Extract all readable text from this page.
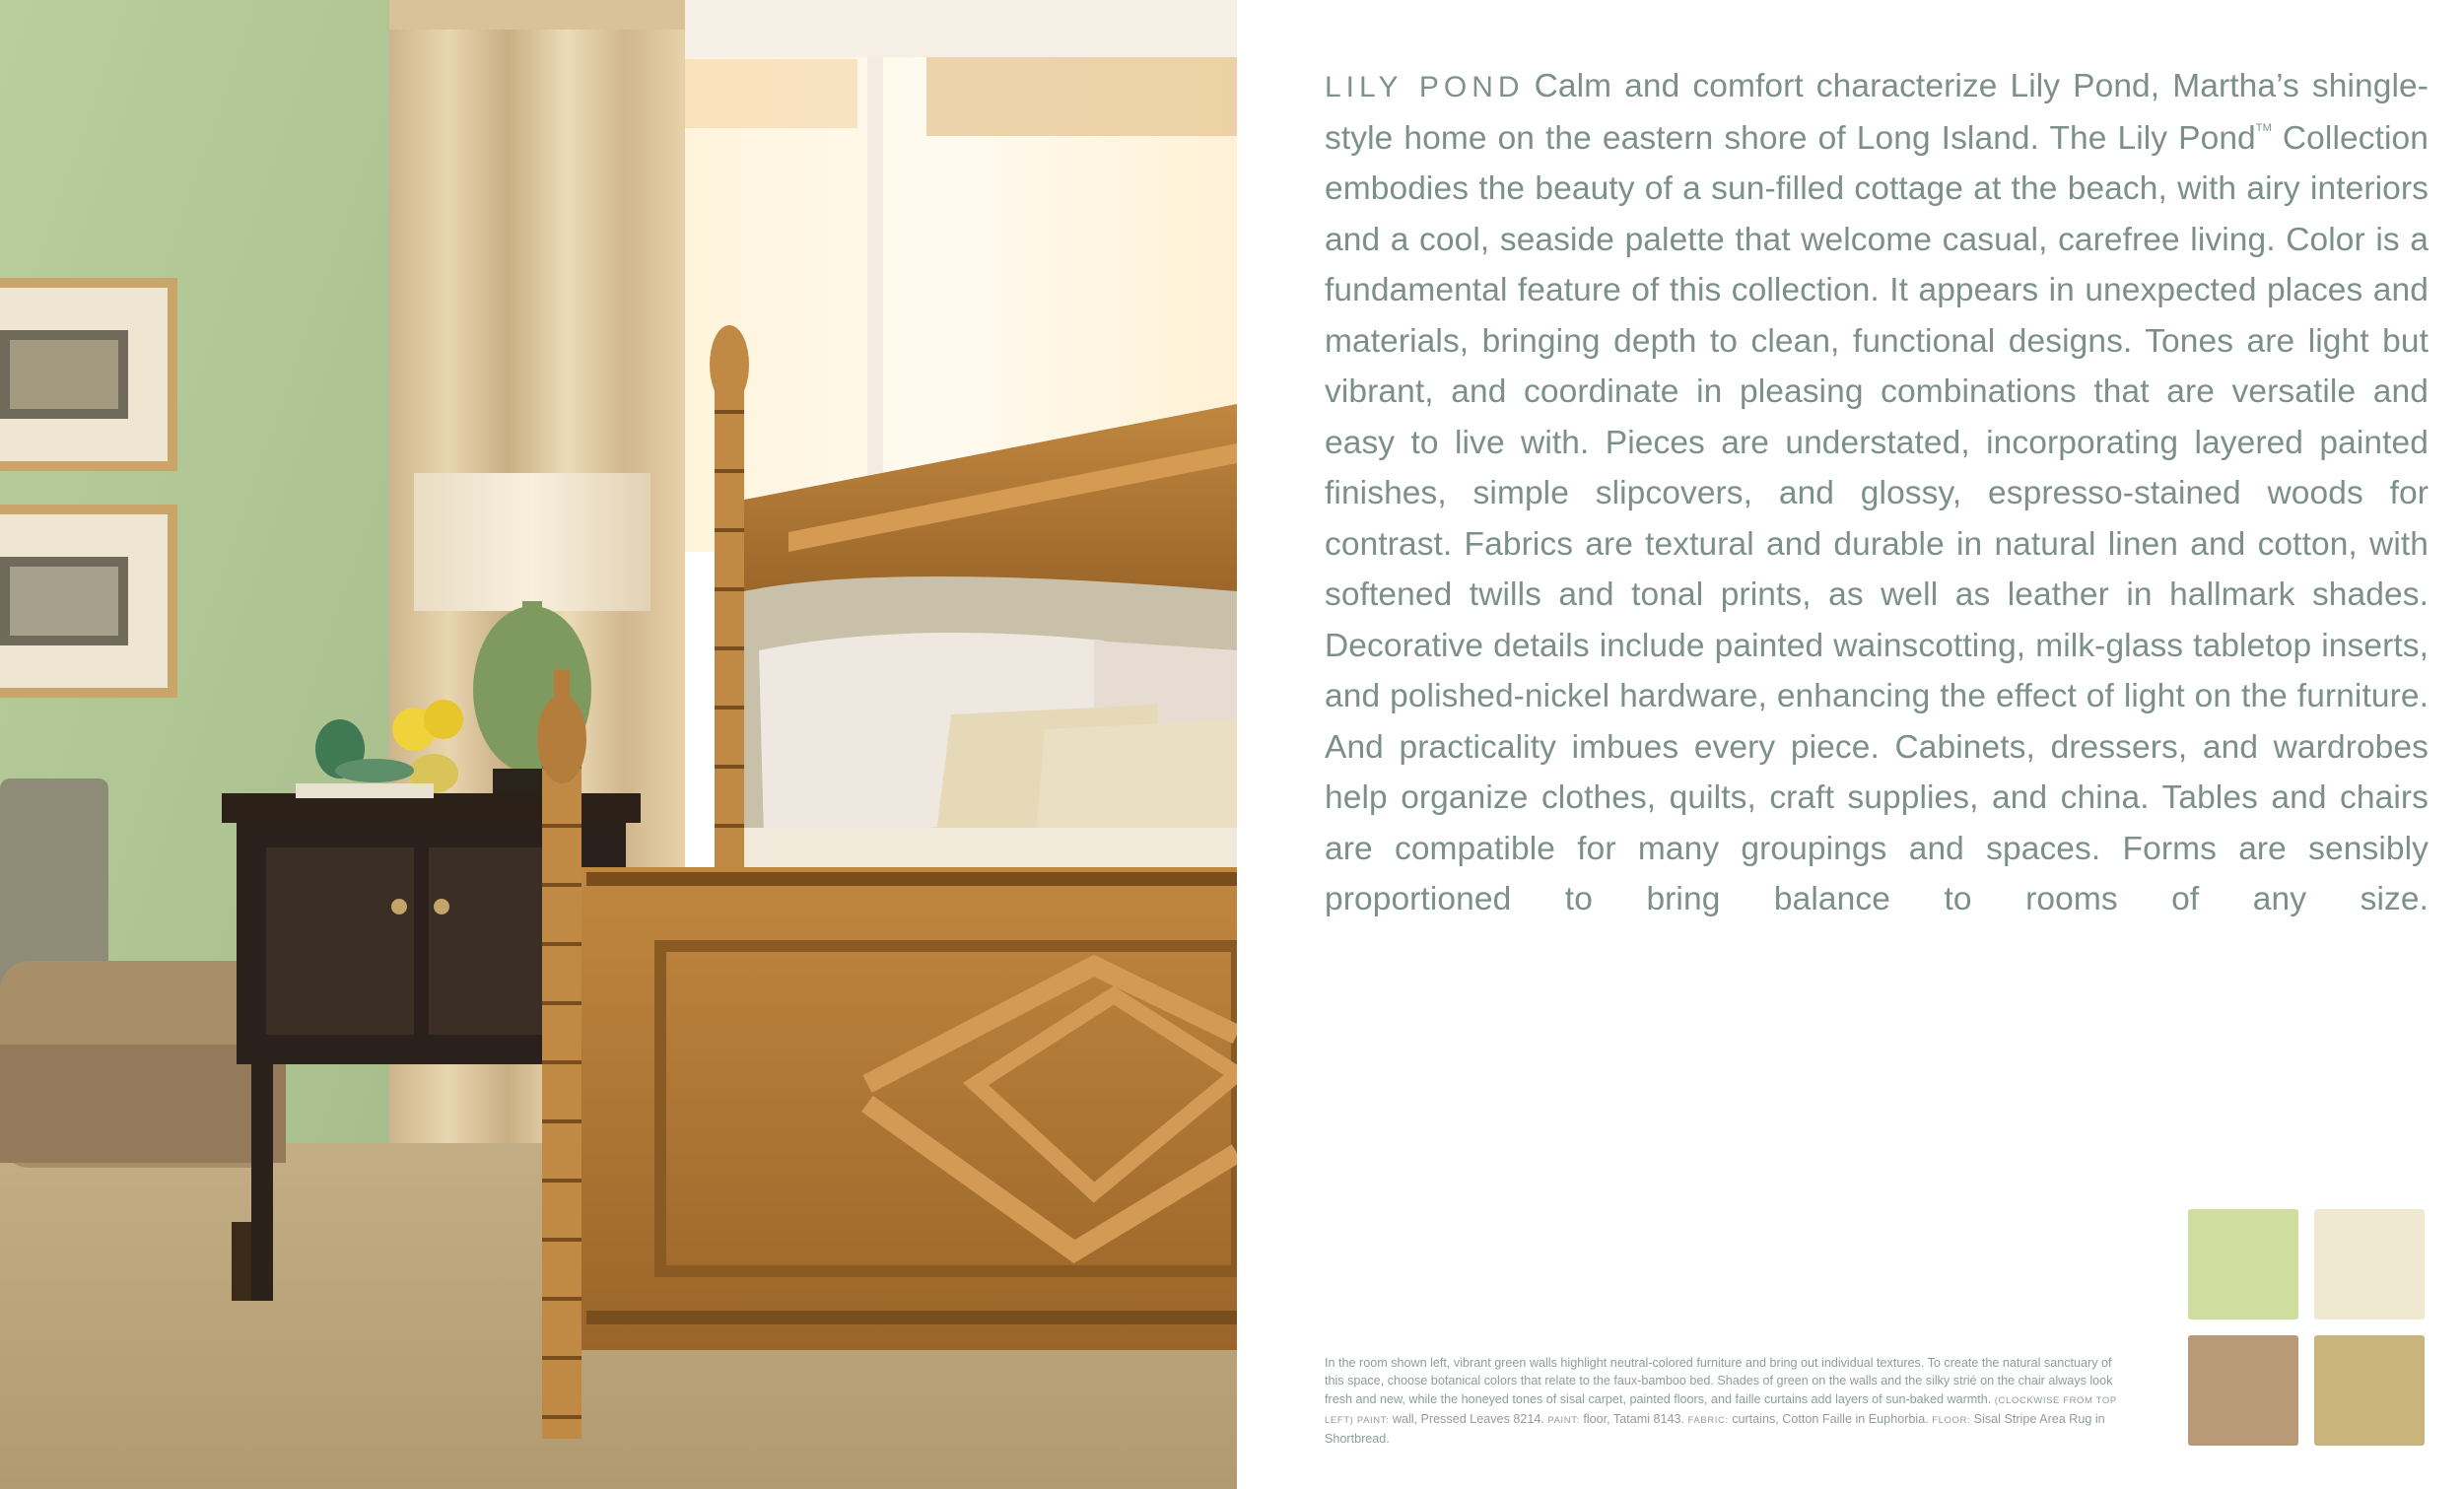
LILY POND Calm and comfort characterize Lily Pond, Martha’s shingle-style home on the eastern shore of Long Island. The Lily Pond™ Collection embodies the beauty of a sun-filled cottage at the beach, with airy interiors and a cool, seaside palette that welcome casual, carefree living. Color is a fundamental feature of this collection. It appears in unexpected places and materials, bringing depth to clean, functional designs. Tones are light but vibrant, and coordinate in pleasing combinations that are versatile and easy to live with. Pieces are understated, incorporating layered painted finishes, simple slipcovers, and glossy, espresso-stained woods for contrast. Fabrics are textural and durable in natural linen and cotton, with softened twills and tonal prints, as well as leather in hallmark shades. Decorative details include painted wainscotting, milk-glass tabletop inserts, and polished-nickel hardware, enhancing the effect of light on the furniture. And practicality imbues every piece. Cabinets, dressers, and wardrobes help organize clothes, quilts, craft supplies, and china. Tables and chairs are compatible for many groupings and spaces. Forms are sensibly proportioned to bring balance to rooms of any size.
In the room shown left, vibrant green walls highlight neutral-colored furniture and bring out individual textures. To create the natural sanctuary of this space, choose botanical colors that relate to the faux-bamboo bed. Shades of green on the walls and the silky strié on the chair always look fresh and new, while the honeyed tones of sisal carpet, painted floors, and faille curtains add layers of sun-baked warmth. (CLOCKWISE FROM TOP LEFT) PAINT: wall, Pressed Leaves 8214. PAINT: floor, Tatami 8143. FABRIC: curtains, Cotton Faille in Euphorbia. FLOOR: Sisal Stripe Area Rug in Shortbread.
